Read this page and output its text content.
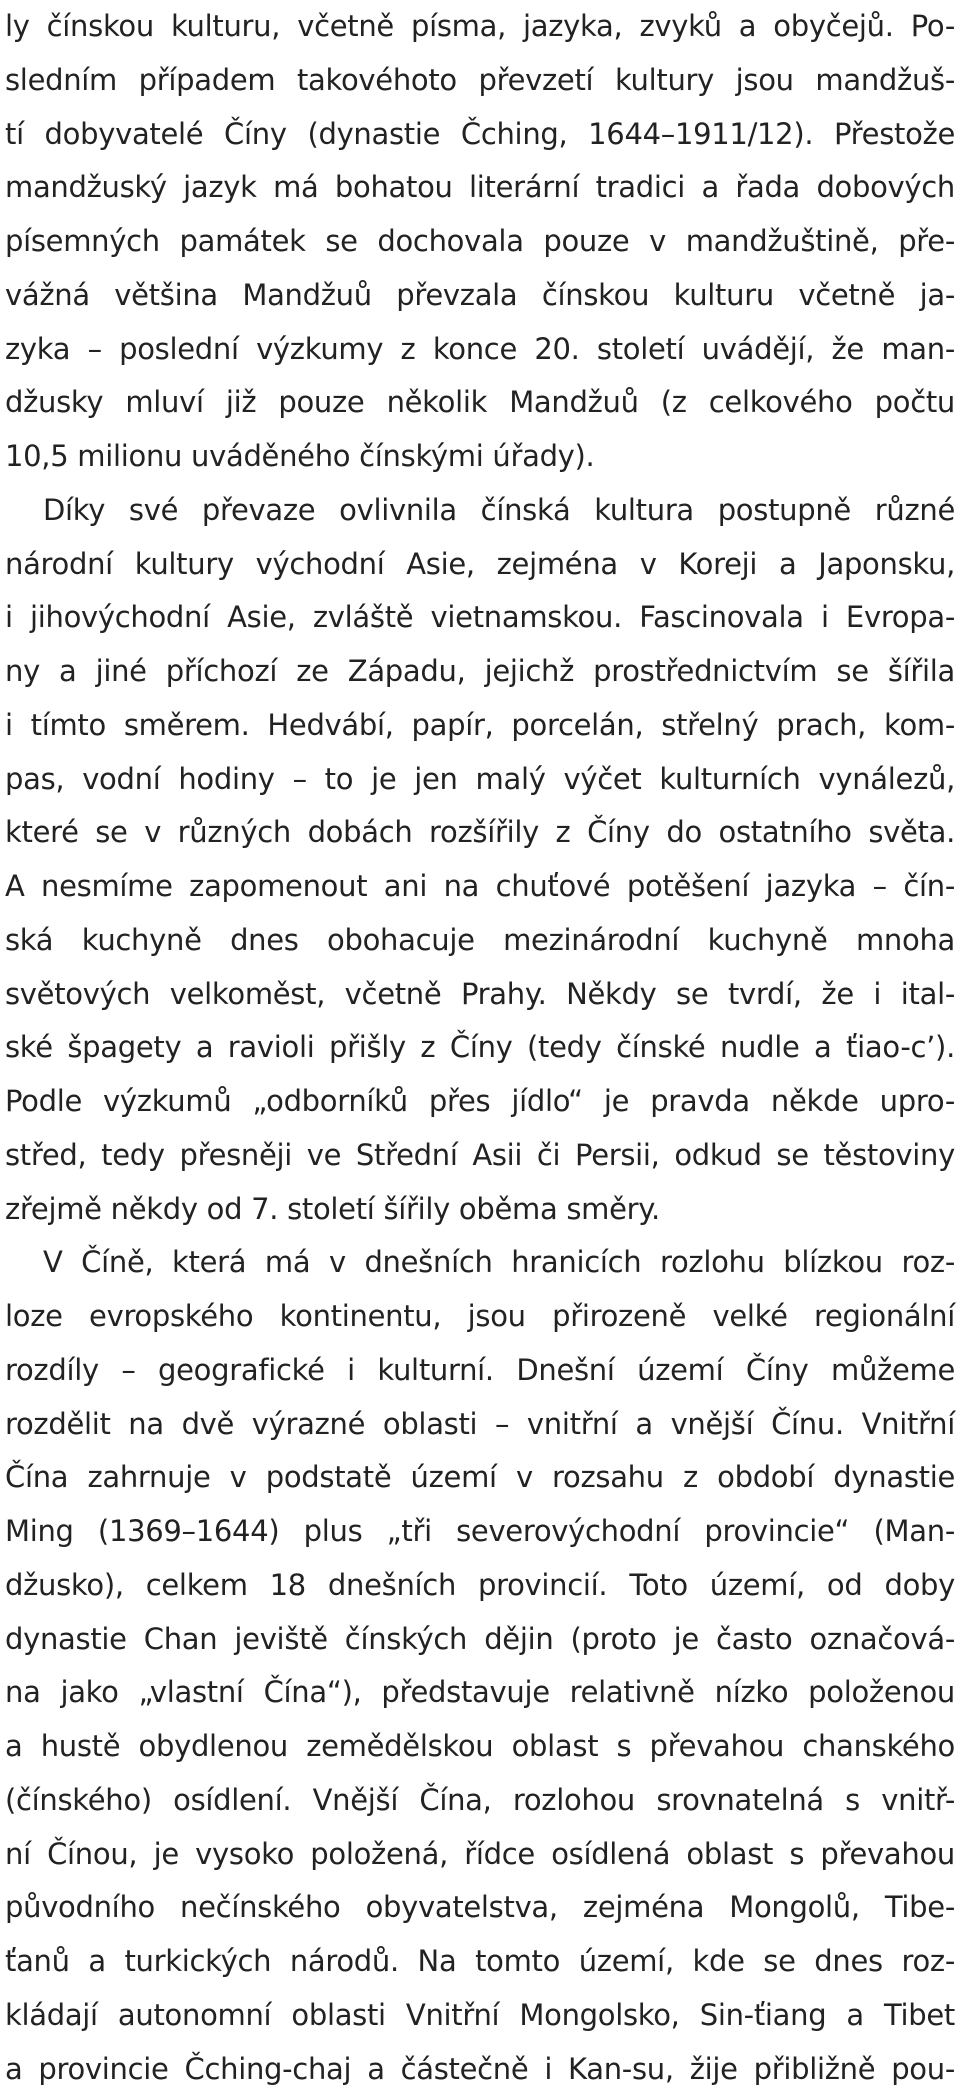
ly čínskou kulturu, včetně písma, jazyka, zvyků a obyčejů. Po-
sledním případem takovéhoto převzetí kultury jsou mandžuš-
tí dobyvatelé Číny (dynastie Čching, 1644–1911/12). Přestože
mandžuský jazyk má bohatou literární tradici a řada dobových
písemných památek se dochovala pouze v mandžuštině, pře-
vážná většina Mandžuů převzala čínskou kulturu včetně ja-
zyka – poslední výzkumy z konce 20. století uvádějí, že man-
džusky mluví již pouze několik Mandžuů (z celkového počtu
10,5 milionu uváděného čínskými úřady).
Díky své převaze ovlivnila čínská kultura postupně různé
národní kultury východní Asie, zejména v Koreji a Japonsku,
i jihovýchodní Asie, zvláště vietnamskou. Fascinovala i Evropa-
ny a jiné příchozí ze Západu, jejichž prostřednictvím se šířila
i tímto směrem. Hedvábí, papír, porcelán, střelný prach, kom-
pas, vodní hodiny – to je jen malý výčet kulturních vynálezů,
které se v různých dobách rozšířily z Číny do ostatního světa.
A nesmíme zapomenout ani na chuťové potěšení jazyka – čín-
ská kuchyně dnes obohacuje mezinárodní kuchyně mnoha
světových velkoměst, včetně Prahy. Někdy se tvrdí, že i ital-
ské špagety a ravioli přišly z Číny (tedy čínské nudle a ťiao-c’).
Podle výzkumů „odborníků přes jídlo“ je pravda někde upro-
střed, tedy přesněji ve Střední Asii či Persii, odkud se těstoviny
zřejmě někdy od 7. století šířily oběma směry.
V Číně, která má v dnešních hranicích rozlohu blízkou roz-
loze evropského kontinentu, jsou přirozeně velké regionální
rozdíly – geografické i kulturní. Dnešní území Číny můžeme
rozdělit na dvě výrazné oblasti – vnitřní a vnější Čínu. Vnitřní
Čína zahrnuje v podstatě území v rozsahu z období dynastie
Ming (1369–1644) plus „tři severovýchodní provincie“ (Man-
džusko), celkem 18 dnešních provincií. Toto území, od doby
dynastie Chan jeviště čínských dějin (proto je často označová-
na jako „vlastní Čína“), představuje relativně nízko položenou
a hustě obydlenou zemědělskou oblast s převahou chanského
(čínského) osídlení. Vnější Čína, rozlohou srovnatelná s vnitř-
ní Čínou, je vysoko položená, řídce osídlená oblast s převahou
původního nečínského obyvatelstva, zejména Mongolů, Tibe-
ťanů a turkických národů. Na tomto území, kde se dnes roz-
kládají autonomní oblasti Vnitřní Mongolsko, Sin-ťiang a Tibet
a provincie Čching-chaj a částečně i Kan-su, žije přibližně pou-
